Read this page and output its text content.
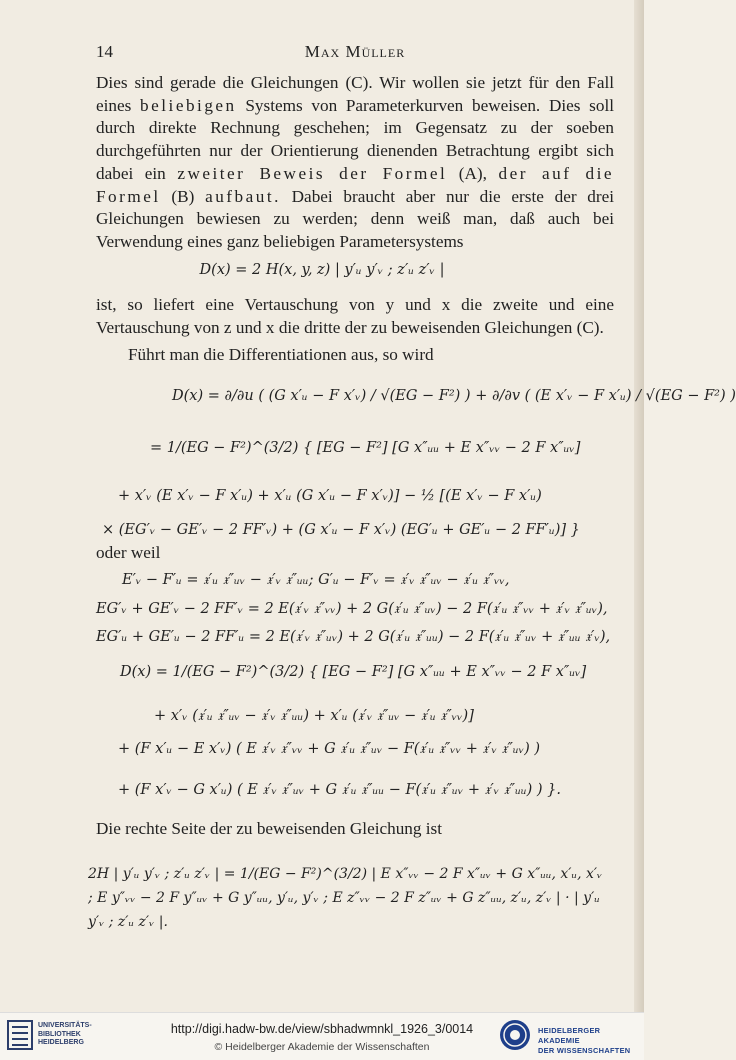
14	Max Müller
Dies sind gerade die Gleichungen (C). Wir wollen sie jetzt für den Fall eines beliebigen Systems von Parameterkurven beweisen. Dies soll durch direkte Rechnung geschehen; im Gegensatz zu der soeben durchgeführten nur der Orientierung dienenden Betrachtung ergibt sich dabei ein zweiter Beweis der Formel (A), der auf die Formel (B) aufbaut. Dabei braucht aber nur die erste der drei Gleichungen bewiesen zu werden; denn weiß man, daß auch bei Verwendung eines ganz beliebigen Parametersystems
D(x) = 2 H(x, y, z) | y′ᵤ y′ᵥ ; z′ᵤ z′ᵥ |
ist, so liefert eine Vertauschung von y und x die zweite und eine Vertauschung von z und x die dritte der zu beweisenden Gleichungen (C).
Führt man die Differentiationen aus, so wird
D(x) = ∂/∂u ( (G x′ᵤ − F x′ᵥ) / √(EG − F²) ) + ∂/∂v ( (E x′ᵥ − F x′ᵤ) / √(EG − F²) )
= 1/(EG − F²)^(3/2) { [EG − F²] [G x″ᵤᵤ + E x″ᵥᵥ − 2 F x″ᵤᵥ]
+ x′ᵥ (E x′ᵥ − F x′ᵤ) + x′ᵤ (G x′ᵤ − F x′ᵥ)] − ½ [(E x′ᵥ − F x′ᵤ)
× (EG′ᵥ − GE′ᵥ − 2 FF′ᵥ) + (G x′ᵤ − F x′ᵥ) (EG′ᵤ + GE′ᵤ − 2 FF′ᵤ)] }
oder weil
E′ᵥ − F′ᵤ = 𝔵′ᵤ 𝔵″ᵤᵥ − 𝔵′ᵥ 𝔵″ᵤᵤ; G′ᵤ − F′ᵥ = 𝔵′ᵥ 𝔵″ᵤᵥ − 𝔵′ᵤ 𝔵″ᵥᵥ,
EG′ᵥ + GE′ᵥ − 2 FF′ᵥ = 2 E(𝔵′ᵥ 𝔵″ᵥᵥ) + 2 G(𝔵′ᵤ 𝔵″ᵤᵥ) − 2 F(𝔵′ᵤ 𝔵″ᵥᵥ + 𝔵′ᵥ 𝔵″ᵤᵥ),
EG′ᵤ + GE′ᵤ − 2 FF′ᵤ = 2 E(𝔵′ᵥ 𝔵″ᵤᵥ) + 2 G(𝔵′ᵤ 𝔵″ᵤᵤ) − 2 F(𝔵′ᵤ 𝔵″ᵤᵥ + 𝔵″ᵤᵤ 𝔵′ᵥ),
D(x) = 1/(EG − F²)^(3/2) { [EG − F²] [G x″ᵤᵤ + E x″ᵥᵥ − 2 F x″ᵤᵥ]
+ x′ᵥ (𝔵′ᵤ 𝔵″ᵤᵥ − 𝔵′ᵥ 𝔵″ᵤᵤ) + x′ᵤ (𝔵′ᵥ 𝔵″ᵤᵥ − 𝔵′ᵤ 𝔵″ᵥᵥ)]
+ (F x′ᵤ − E x′ᵥ) ( E 𝔵′ᵥ 𝔵″ᵥᵥ + G 𝔵′ᵤ 𝔵″ᵤᵥ − F(𝔵′ᵤ 𝔵″ᵥᵥ + 𝔵′ᵥ 𝔵″ᵤᵥ) )
+ (F x′ᵥ − G x′ᵤ) ( E 𝔵′ᵥ 𝔵″ᵤᵥ + G 𝔵′ᵤ 𝔵″ᵤᵤ − F(𝔵′ᵤ 𝔵″ᵤᵥ + 𝔵′ᵥ 𝔵″ᵤᵤ) ) }.
Die rechte Seite der zu beweisenden Gleichung ist
2H | y′ᵤ y′ᵥ ; z′ᵤ z′ᵥ | = 1/(EG − F²)^(3/2) | E x″ᵥᵥ − 2 F x″ᵤᵥ + G x″ᵤᵤ, x′ᵤ, x′ᵥ ; E y″ᵥᵥ − 2 F y″ᵤᵥ + G y″ᵤᵤ, y′ᵤ, y′ᵥ ; E z″ᵥᵥ − 2 F z″ᵤᵥ + G z″ᵤᵤ, z′ᵤ, z′ᵥ | · | y′ᵤ y′ᵥ ; z′ᵤ z′ᵥ |.
UNIVERSITÄTS-
BIBLIOTHEK
HEIDELBERG
http://digi.hadw-bw.de/view/sbhadwmnkl_1926_3/0014
© Heidelberger Akademie der Wissenschaften
HEIDELBERGER AKADEMIE
DER WISSENSCHAFTEN
